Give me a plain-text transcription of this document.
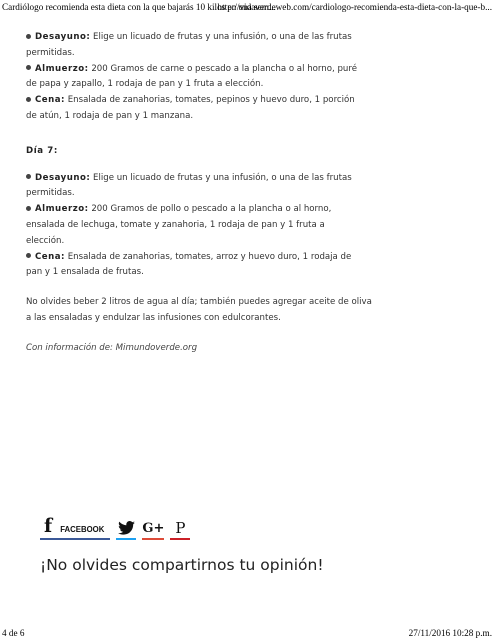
Cardiólogo recomienda esta dieta con la que bajarás 10 kilos en una sem...
http://vidaverdeweb.com/cardiologo-recomienda-esta-dieta-con-la-que-b...
Desayuno: Elige un licuado de frutas y una infusión, o una de las frutas
permitidas.
Almuerzo: 200 Gramos de carne o pescado a la plancha o al horno, puré
de papa y zapallo, 1 rodaja de pan y 1 fruta a elección.
Cena: Ensalada de zanahorias, tomates, pepinos y huevo duro, 1 porción
de atún, 1 rodaja de pan y 1 manzana.
Día 7:
Desayuno: Elige un licuado de frutas y una infusión, o una de las frutas
permitidas.
Almuerzo: 200 Gramos de pollo o pescado a la plancha o al horno,
ensalada de lechuga, tomate y zanahoria, 1 rodaja de pan y 1 fruta a
elección.
Cena: Ensalada de zanahorias, tomates, arroz y huevo duro, 1 rodaja de
pan y 1 ensalada de frutas.
No olvides beber 2 litros de agua al día; también puedes agregar aceite de oliva
a las ensaladas y endulzar las infusiones con edulcorantes.
Con información de: Mimundoverde.org
f FACEBOOK	G+ P
¡No olvides compartirnos tu opinión!
4 de 6	27/11/2016 10:28 p.m.
